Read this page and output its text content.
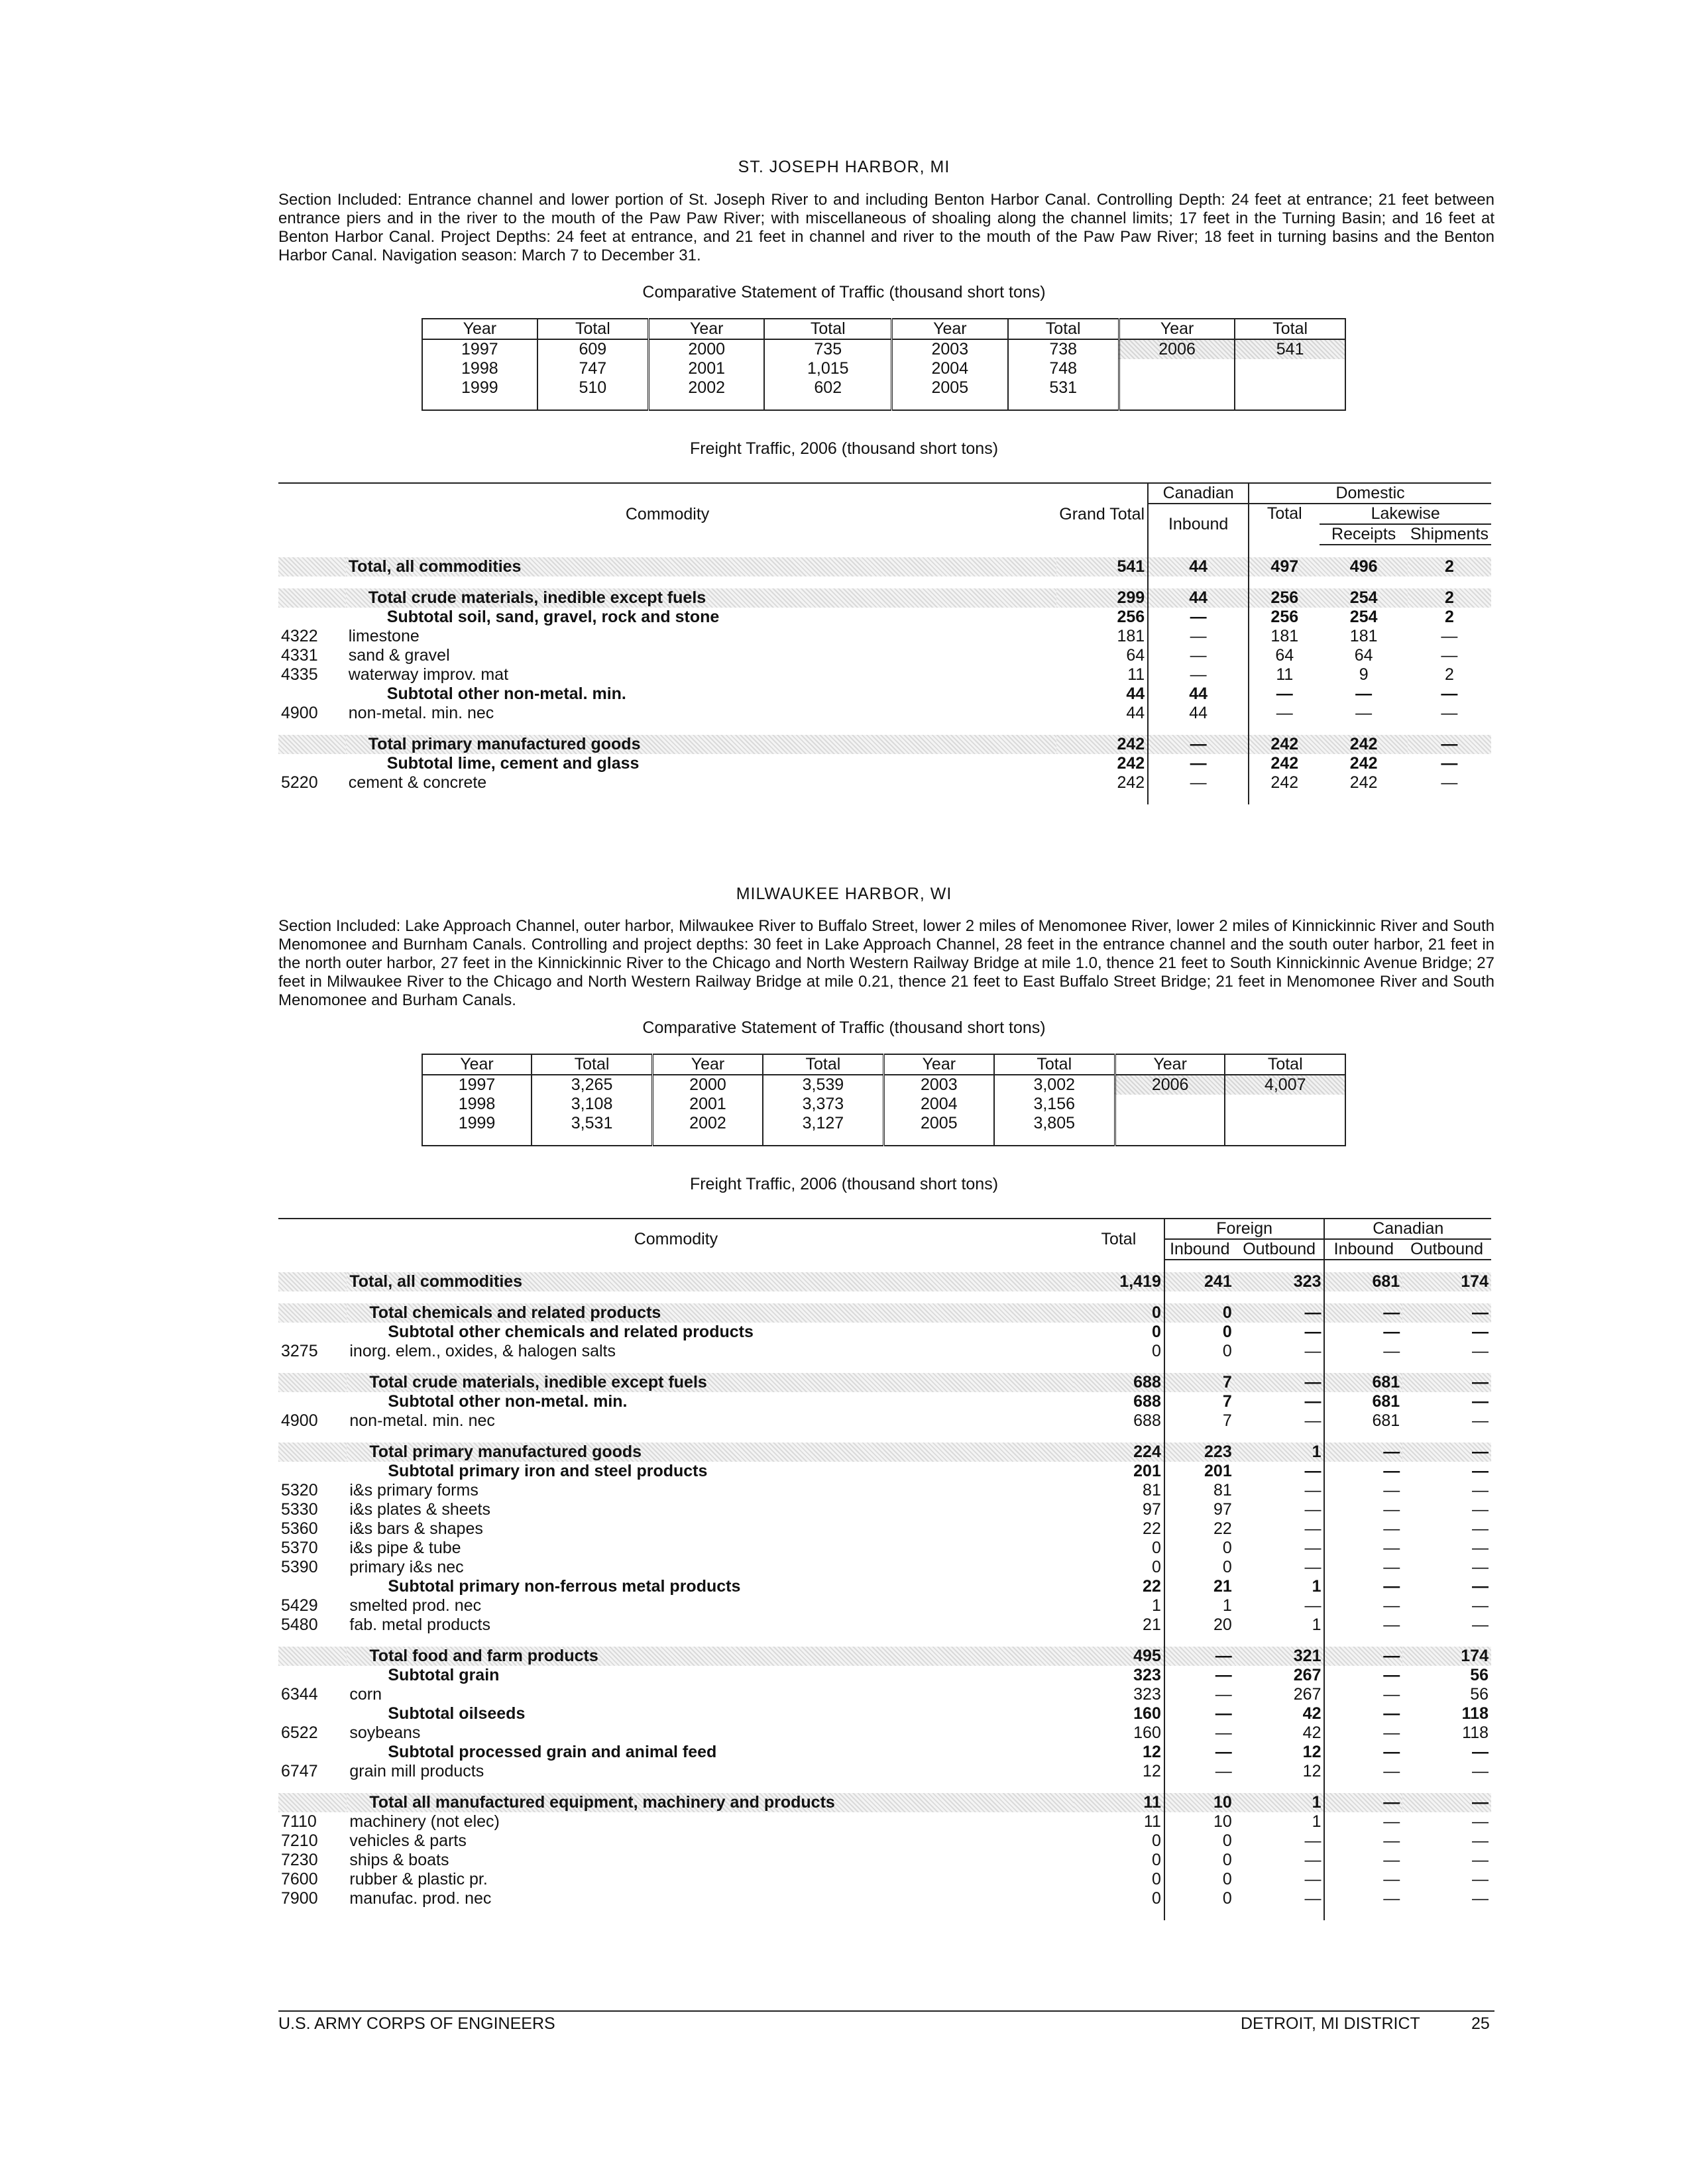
ST. JOSEPH HARBOR, MI
Section Included: Entrance channel and lower portion of St. Joseph River to and including Benton Harbor Canal. Controlling Depth: 24 feet at entrance; 21 feet between entrance piers and in the river to the mouth of the Paw Paw River; with miscellaneous of shoaling along the channel limits; 17 feet in the Turning Basin; and 16 feet at Benton Harbor Canal. Project Depths: 24 feet at entrance, and 21 feet in channel and river to the mouth of the Paw Paw River; 18 feet in turning basins and the Benton Harbor Canal. Navigation season: March 7 to December 31.
Comparative Statement of Traffic (thousand short tons)
Year	Total	Year	Total	Year	Total	Year	Total
1997	609	2000	735	2003	738	2006	541
1998	747	2001	1,015	2004	748		
1999	510	2002	602	2005	531		
Freight Traffic, 2006 (thousand short tons)
Commodity		Grand Total	Canadian	Domestic		
			Inbound	Total	Lakewise	
					Receipts	Shipments

	Total, all commodities	541	44	497	496	2

	Total crude materials, inedible except fuels	299	44	256	254	2
	Subtotal soil, sand, gravel, rock and stone	256	—	256	254	2
4322	limestone	181	—	181	181	—
4331	sand & gravel	64	—	64	64	—
4335	waterway improv. mat	11	—	11	9	2
	Subtotal other non-metal. min.	44	44	—	—	—
4900	non-metal. min. nec	44	44	—	—	—

	Total primary manufactured goods	242	—	242	242	—
	Subtotal lime, cement and glass	242	—	242	242	—
5220	cement & concrete	242	—	242	242	—

MILWAUKEE HARBOR, WI
Section Included: Lake Approach Channel, outer harbor, Milwaukee River to Buffalo Street, lower 2 miles of Menomonee River, lower 2 miles of Kinnickinnic River and South Menomonee and Burnham Canals. Controlling and project depths: 30 feet in Lake Approach Channel, 28 feet in the entrance channel and the south outer harbor, 21 feet in the north outer harbor, 27 feet in the Kinnickinnic River to the Chicago and North Western Railway Bridge at mile 1.0, thence 21 feet to South Kinnickinnic Avenue Bridge; 27 feet in Milwaukee River to the Chicago and North Western Railway Bridge at mile 0.21, thence 21 feet to East Buffalo Street Bridge; 21 feet in Menomonee River and South Menomonee and Burham Canals.
Comparative Statement of Traffic (thousand short tons)
Year	Total	Year	Total	Year	Total	Year	Total
1997	3,265	2000	3,539	2003	3,002	2006	4,007
1998	3,108	2001	3,373	2004	3,156		
1999	3,531	2002	3,127	2005	3,805		
Freight Traffic, 2006 (thousand short tons)
Commodity		Total	Foreign		Canadian	
			Inbound	Outbound	Inbound	Outbound

	Total, all commodities	1,419	241	323	681	174

	Total chemicals and related products	0	0	—	—	—
	Subtotal other chemicals and related products	0	0	—	—	—
3275	inorg. elem., oxides, & halogen salts	0	0	—	—	—

	Total crude materials, inedible except fuels	688	7	—	681	—
	Subtotal other non-metal. min.	688	7	—	681	—
4900	non-metal. min. nec	688	7	—	681	—

	Total primary manufactured goods	224	223	1	—	—
	Subtotal primary iron and steel products	201	201	—	—	—
5320	i&s primary forms	81	81	—	—	—
5330	i&s plates & sheets	97	97	—	—	—
5360	i&s bars & shapes	22	22	—	—	—
5370	i&s pipe & tube	0	0	—	—	—
5390	primary i&s nec	0	0	—	—	—
	Subtotal primary non-ferrous metal products	22	21	1	—	—
5429	smelted prod. nec	1	1	—	—	—
5480	fab. metal products	21	20	1	—	—

	Total food and farm products	495	—	321	—	174
	Subtotal grain	323	—	267	—	56
6344	corn	323	—	267	—	56
	Subtotal oilseeds	160	—	42	—	118
6522	soybeans	160	—	42	—	118
	Subtotal processed grain and animal feed	12	—	12	—	—
6747	grain mill products	12	—	12	—	—

	Total all manufactured equipment, machinery and products	11	10	1	—	—
7110	machinery (not elec)	11	10	1	—	—
7210	vehicles & parts	0	0	—	—	—
7230	ships & boats	0	0	—	—	—
7600	rubber & plastic pr.	0	0	—	—	—
7900	manufac. prod. nec	0	0	—	—	—

U.S. ARMY CORPS OF ENGINEERS	DETROIT, MI DISTRICT	25
